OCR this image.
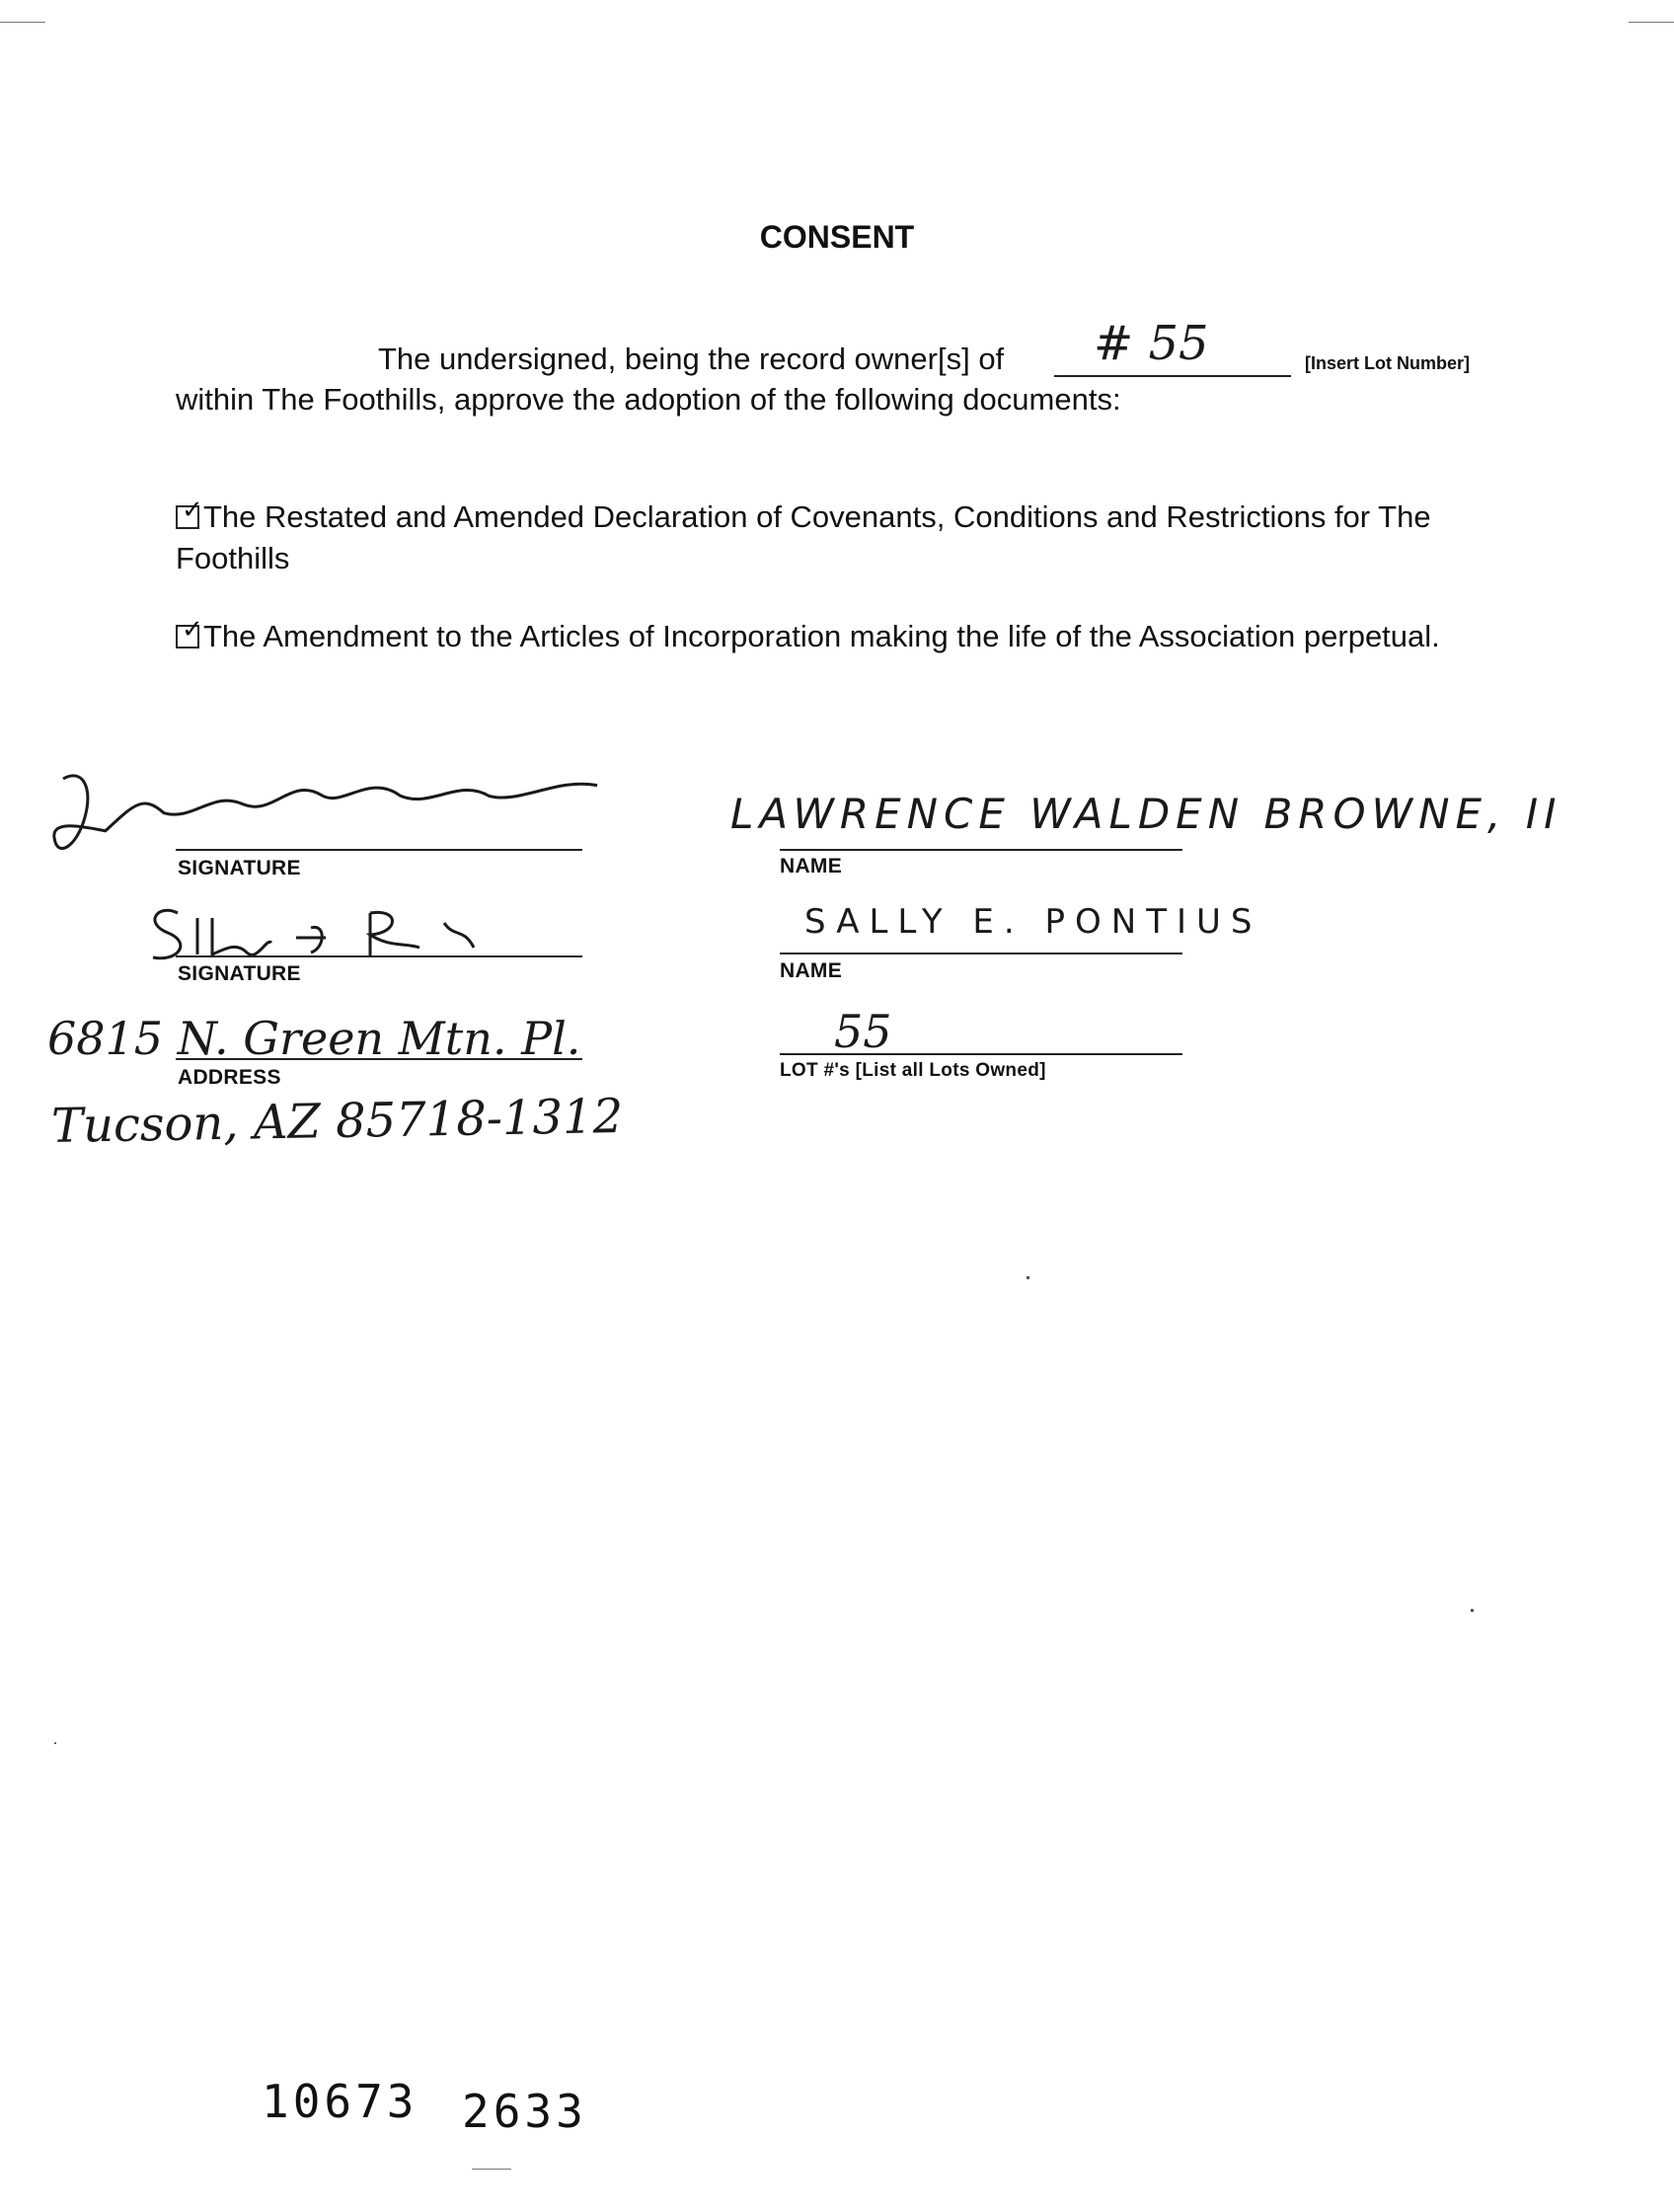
CONSENT
The undersigned, being the record owner[s] of # 55	[Insert Lot Number]
within The Foothills, approve the adoption of the following documents:
✓ The Restated and Amended Declaration of Covenants, Conditions and Restrictions for The Foothills
✓ The Amendment to the Articles of Incorporation making the life of the Association perpetual.
SIGNATURE
LAWRENCE WALDEN BROWNE, II
NAME
SIGNATURE
SALLY E. PONTIUS
NAME
6815 N. Green Mtn. Pl.
ADDRESS
Tucson, AZ 85718-1312
55
LOT #'s [List all Lots Owned]
10673 2633
